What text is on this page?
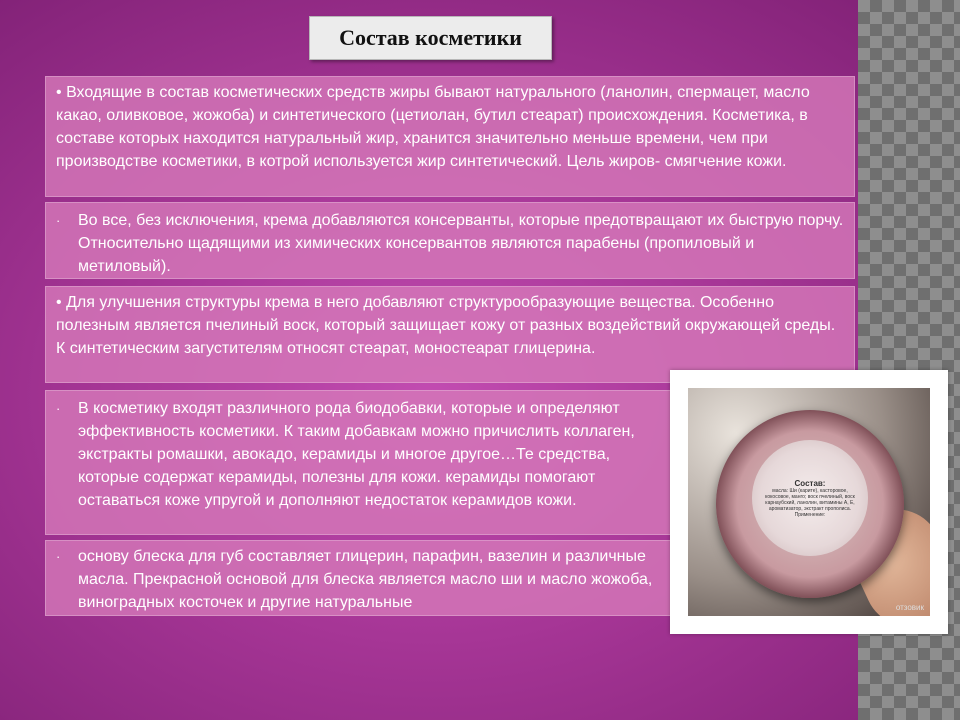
Состав косметики
• Входящие в состав косметических средств жиры бывают натурального (ланолин, спермацет, масло какао, оливковое, жожоба) и синтетического (цетиолан, бутил стеарат) происхождения. Косметика, в составе которых находится натуральный жир, хранится значительно меньше времени, чем при производстве косметики, в котрой используется жир синтетический. Цель жиров- смягчение кожи.
· Во все, без исключения, крема добавляются консерванты, которые предотвращают их быструю порчу. Относительно щадящими из химических консервантов являются парабены (пропиловый и метиловый).
• Для улучшения структуры крема в него добавляют структурообразующие вещества. Особенно полезным является пчелиный воск, который защищает кожу от разных воздействий окружающей среды. К синтетическим загустителям относят стеарат, моностеарат глицерина.
· В косметику входят различного рода биодобавки, которые и определяют эффективность косметики. К таким добавкам можно причислить коллаген, экстракты ромашки, авокадо, керамиды и многое другое…Те средства, которые содержат керамиды, полезны для кожи. керамиды помогают оставаться коже упругой и дополняют недостаток керамидов кожи.
· основу блеска для губ составляет глицерин, парафин, вазелин и различные масла. Прекрасной основой для блеска является масло ши и масло жожоба, виноградных косточек и другие натуральные
Состав:
масла: Ши (карите), касторовое, кокосовое, манго; воск пчелиный, воск карнаубский, ланолин, витамины А, Е, ароматизатор, экстракт прополиса. Применение:
отзовик
